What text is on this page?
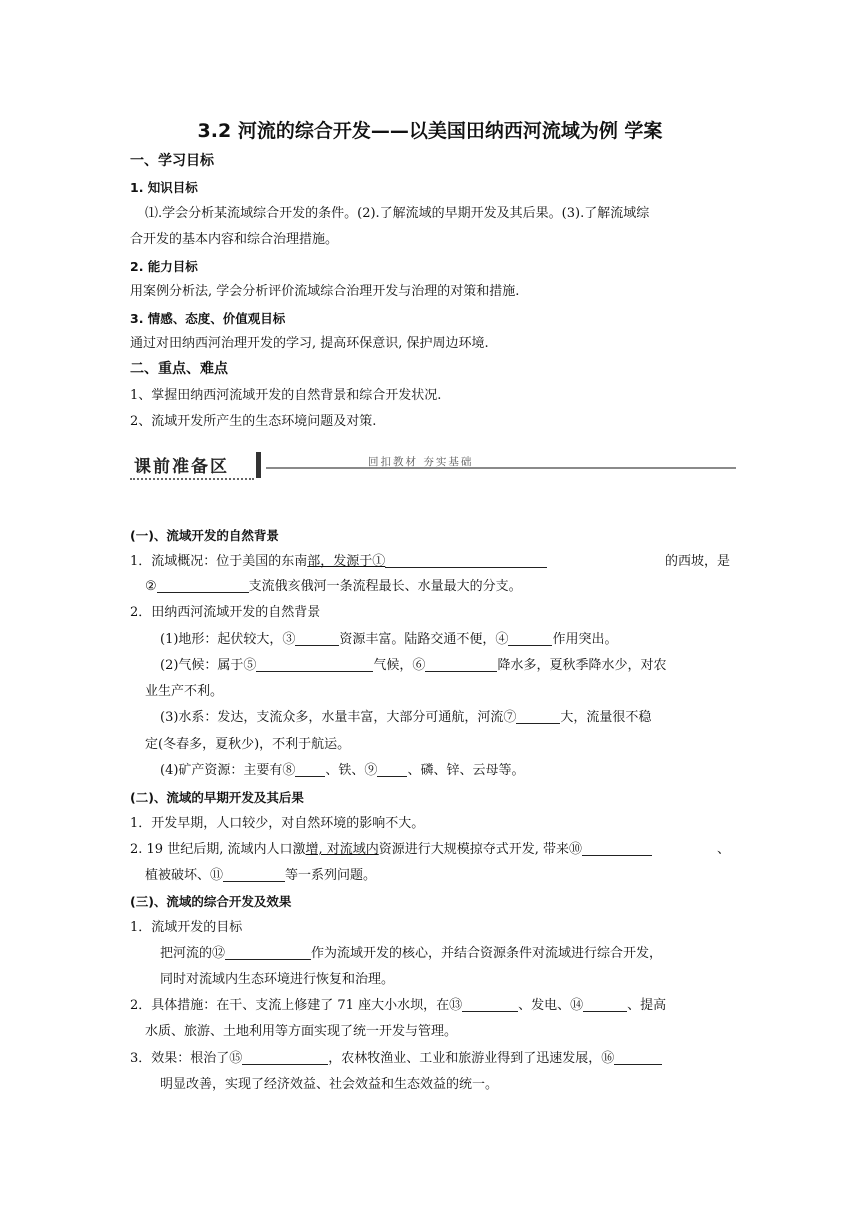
3.2 河流的综合开发——以美国田纳西河流域为例 学案
一、学习目标
1. 知识目标
⑴.学会分析某流域综合开发的条件。(2).了解流域的早期开发及其后果。(3).了解流域综
合开发的基本内容和综合治理措施。
2. 能力目标
用案例分析法, 学会分析评价流域综合治理开发与治理的对策和措施.
3. 情感、态度、价值观目标
通过对田纳西河治理开发的学习, 提高环保意识, 保护周边环境.
二、重点、难点
1、掌握田纳西河流域开发的自然背景和综合开发状况.
2、流域开发所产生的生态环境问题及对策.
课前准备区	回扣教材 夯实基础
(一)、流域开发的自然背景
1．流域概况：位于美国的东南部，发源于①	的西坡，是
②	支流俄亥俄河一条流程最长、水量最大的分支。
2．田纳西河流域开发的自然背景
(1)地形：起伏较大，③	资源丰富。陆路交通不便，④	作用突出。
(2)气候：属于⑤	气候，⑥	降水多，夏秋季降水少，对农
业生产不利。
(3)水系：发达，支流众多，水量丰富，大部分可通航，河流⑦	大，流量很不稳
定(冬春多，夏秋少)，不利于航运。
(4)矿产资源：主要有⑧ 、铁、⑨ 、磷、锌、云母等。
(二)、流域的早期开发及其后果
1．开发早期，人口较少，对自然环境的影响不大。
2. 19 世纪后期, 流域内人口激增, 对流域内资源进行大规模掠夺式开发, 带来⑩	、
植被破坏、⑪	等一系列问题。
(三)、流域的综合开发及效果
1．流域开发的目标
把河流的⑫	作为流域开发的核心，并结合资源条件对流域进行综合开发，
同时对流域内生态环境进行恢复和治理。
2．具体措施：在干、支流上修建了 71 座大小水坝，在⑬	、发电、⑭	、提高
水质、旅游、土地利用等方面实现了统一开发与管理。
3．效果：根治了⑮	，农林牧渔业、工业和旅游业得到了迅速发展，⑯
明显改善，实现了经济效益、社会效益和生态效益的统一。
